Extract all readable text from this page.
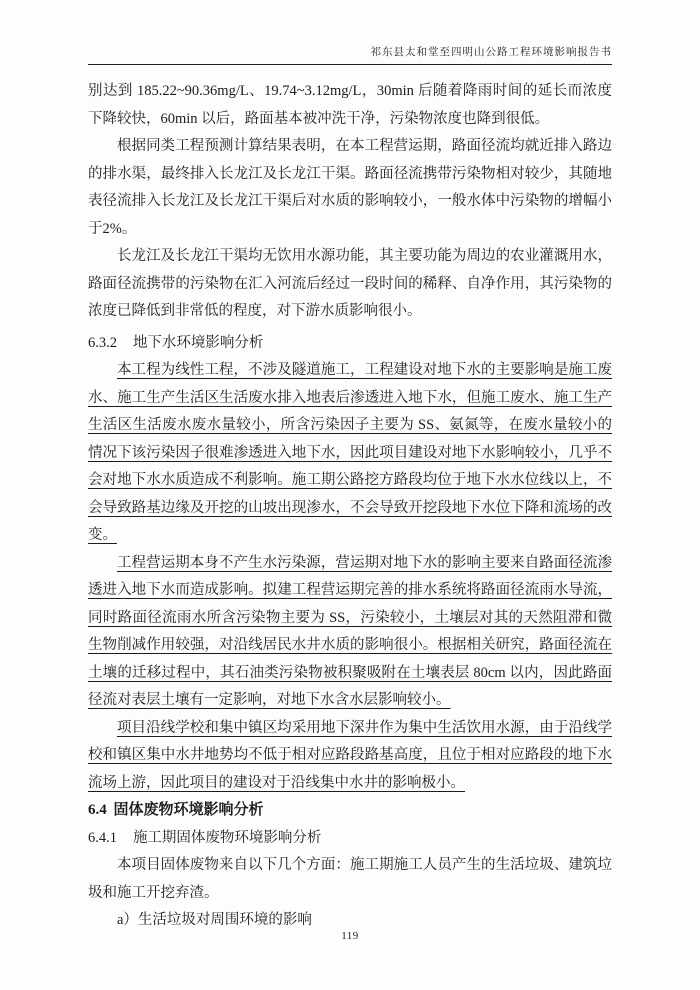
祁东县太和堂至四明山公路工程环境影响报告书

别达到 185.22~90.36mg/L、19.74~3.12mg/L，30min 后随着降雨时间的延长而浓度下降较快，60min 以后，路面基本被冲洗干净，污染物浓度也降到很低。

根据同类工程预测计算结果表明，在本工程营运期，路面径流均就近排入路边的排水渠，最终排入长龙江及长龙江干渠。路面径流携带污染物相对较少，其随地表径流排入长龙江及长龙江干渠后对水质的影响较小，一般水体中污染物的增幅小于2%。

长龙江及长龙江干渠均无饮用水源功能，其主要功能为周边的农业灌溉用水，路面径流携带的污染物在汇入河流后经过一段时间的稀释、自净作用，其污染物的浓度已降低到非常低的程度，对下游水质影响很小。

6.3.2 地下水环境影响分析

本工程为线性工程，不涉及隧道施工，工程建设对地下水的主要影响是施工废水、施工生产生活区生活废水排入地表后渗透进入地下水，但施工废水、施工生产生活区生活废水废水量较小，所含污染因子主要为 SS、氨氮等，在废水量较小的情况下该污染因子很难渗透进入地下水，因此项目建设对地下水影响较小，几乎不会对地下水水质造成不利影响。施工期公路挖方路段均位于地下水水位线以上，不会导致路基边缘及开挖的山坡出现渗水，不会导致开挖段地下水位下降和流场的改变。

工程营运期本身不产生水污染源，营运期对地下水的影响主要来自路面径流渗透进入地下水而造成影响。拟建工程营运期完善的排水系统将路面径流雨水导流，同时路面径流雨水所含污染物主要为 SS，污染较小，土壤层对其的天然阻滞和微生物削减作用较强，对沿线居民水井水质的影响很小。根据相关研究，路面径流在土壤的迁移过程中，其石油类污染物被积聚吸附在土壤表层 80cm 以内，因此路面径流对表层土壤有一定影响，对地下水含水层影响较小。

项目沿线学校和集中镇区均采用地下深井作为集中生活饮用水源，由于沿线学校和镇区集中水井地势均不低于相对应路段路基高度，且位于相对应路段的地下水流场上游，因此项目的建设对于沿线集中水井的影响极小。

6.4 固体废物环境影响分析
6.4.1 施工期固体废物环境影响分析

本项目固体废物来自以下几个方面：施工期施工人员产生的生活垃圾、建筑垃圾和施工开挖弃渣。

a）生活垃圾对周围环境的影响

119
